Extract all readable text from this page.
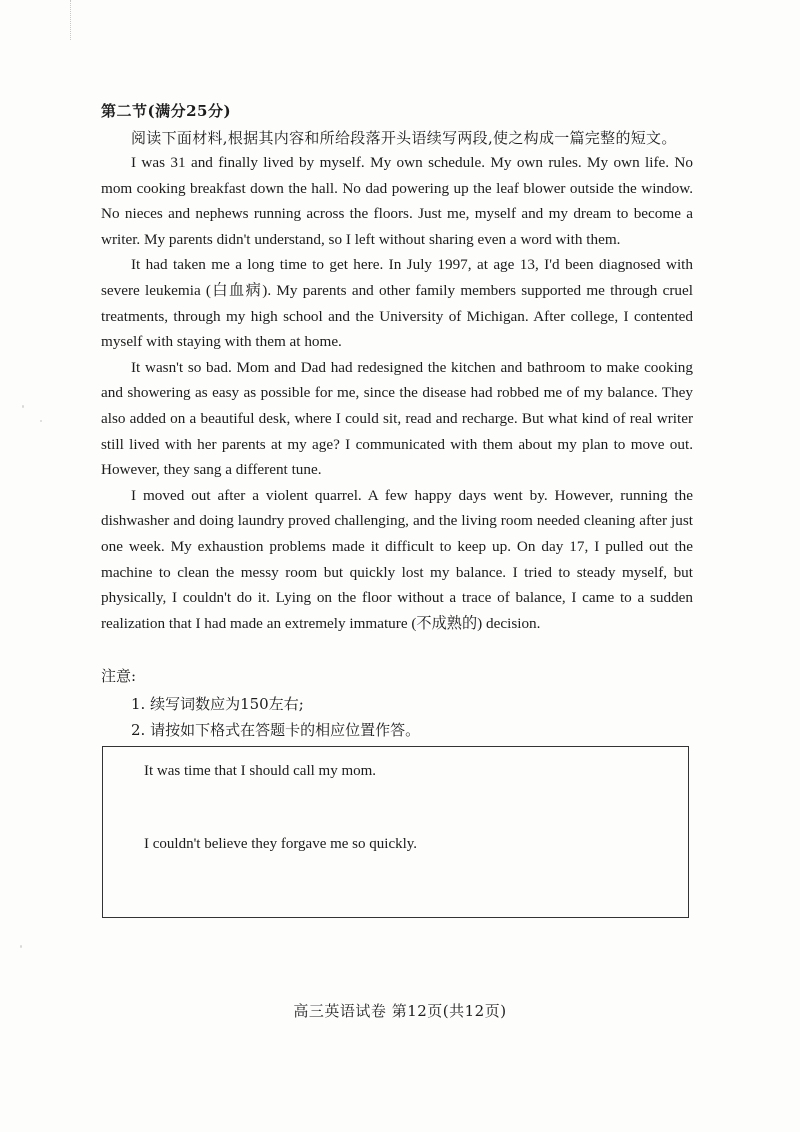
第二节(满分25分)
阅读下面材料,根据其内容和所给段落开头语续写两段,使之构成一篇完整的短文。

I was 31 and finally lived by myself. My own schedule. My own rules. My own life. No mom cooking breakfast down the hall. No dad powering up the leaf blower outside the window. No nieces and nephews running across the floors. Just me, myself and my dream to become a writer. My parents didn't understand, so I left without sharing even a word with them.

It had taken me a long time to get here. In July 1997, at age 13, I'd been diagnosed with severe leukemia (白血病). My parents and other family members supported me through cruel treatments, through my high school and the University of Michigan. After college, I contented myself with staying with them at home.

It wasn't so bad. Mom and Dad had redesigned the kitchen and bathroom to make cooking and showering as easy as possible for me, since the disease had robbed me of my balance. They also added on a beautiful desk, where I could sit, read and recharge. But what kind of real writer still lived with her parents at my age? I communicated with them about my plan to move out. However, they sang a different tune.

I moved out after a violent quarrel. A few happy days went by. However, running the dishwasher and doing laundry proved challenging, and the living room needed cleaning after just one week. My exhaustion problems made it difficult to keep up. On day 17, I pulled out the machine to clean the messy room but quickly lost my balance. I tried to steady myself, but physically, I couldn't do it. Lying on the floor without a trace of balance, I came to a sudden realization that I had made an extremely immature (不成熟的) decision.

注意:
1. 续写词数应为150左右;
2. 请按如下格式在答题卡的相应位置作答。
It was time that I should call my mom.
I couldn't believe they forgave me so quickly.
高三英语试卷 第12页(共12页)
